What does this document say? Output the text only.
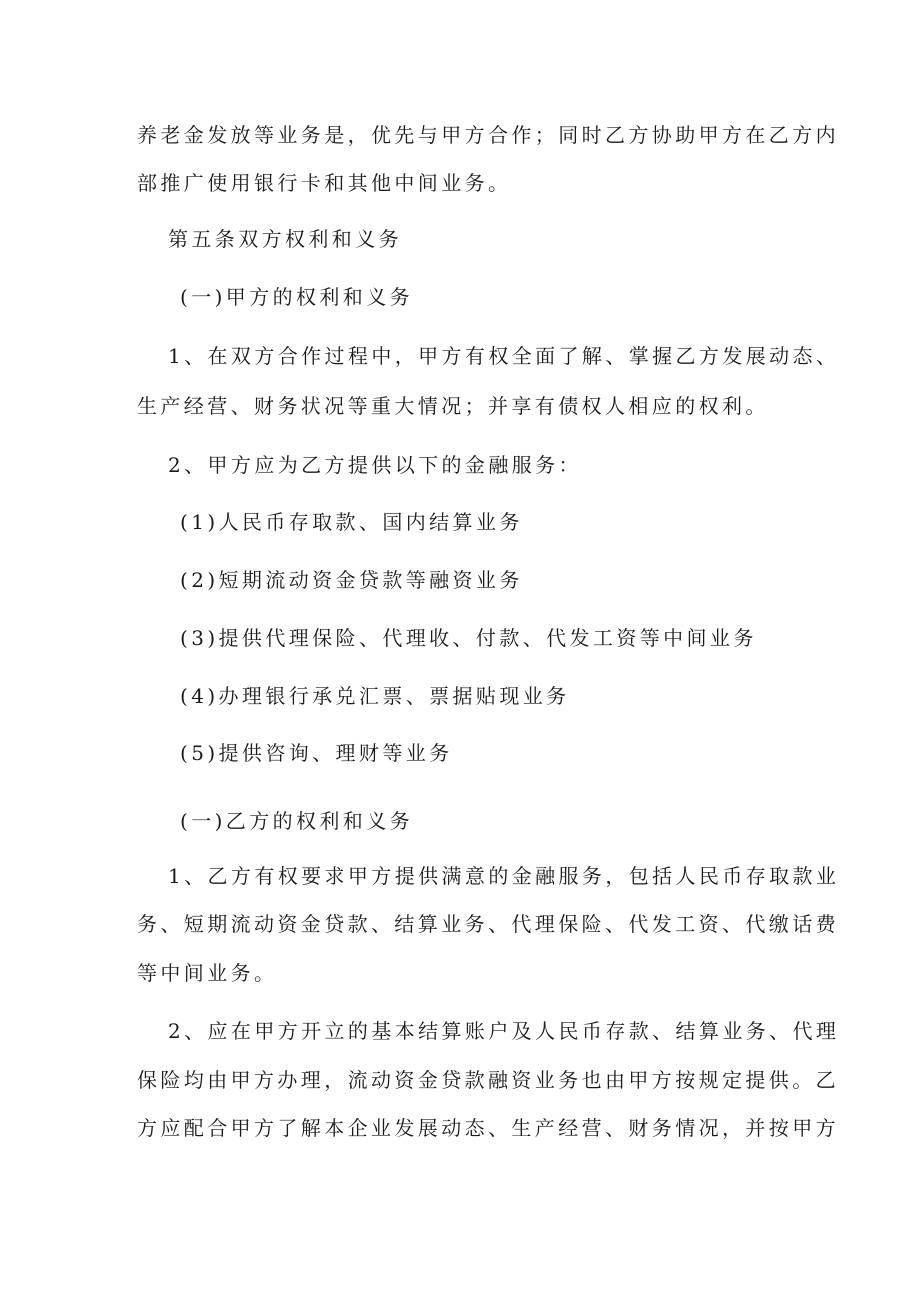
养老金发放等业务是，优先与甲方合作；同时乙方协助甲方在乙方内
部推广使用银行卡和其他中间业务。
第五条双方权利和义务
(一)甲方的权利和义务
1、在双方合作过程中，甲方有权全面了解、掌握乙方发展动态、
生产经营、财务状况等重大情况；并享有债权人相应的权利。
2、甲方应为乙方提供以下的金融服务：
(1)人民币存取款、国内结算业务
(2)短期流动资金贷款等融资业务
(3)提供代理保险、代理收、付款、代发工资等中间业务
(4)办理银行承兑汇票、票据贴现业务
(5)提供咨询、理财等业务
(一)乙方的权利和义务
1、乙方有权要求甲方提供满意的金融服务，包括人民币存取款业
务、短期流动资金贷款、结算业务、代理保险、代发工资、代缴话费
等中间业务。
2、应在甲方开立的基本结算账户及人民币存款、结算业务、代理
保险均由甲方办理，流动资金贷款融资业务也由甲方按规定提供。乙
方应配合甲方了解本企业发展动态、生产经营、财务情况，并按甲方
